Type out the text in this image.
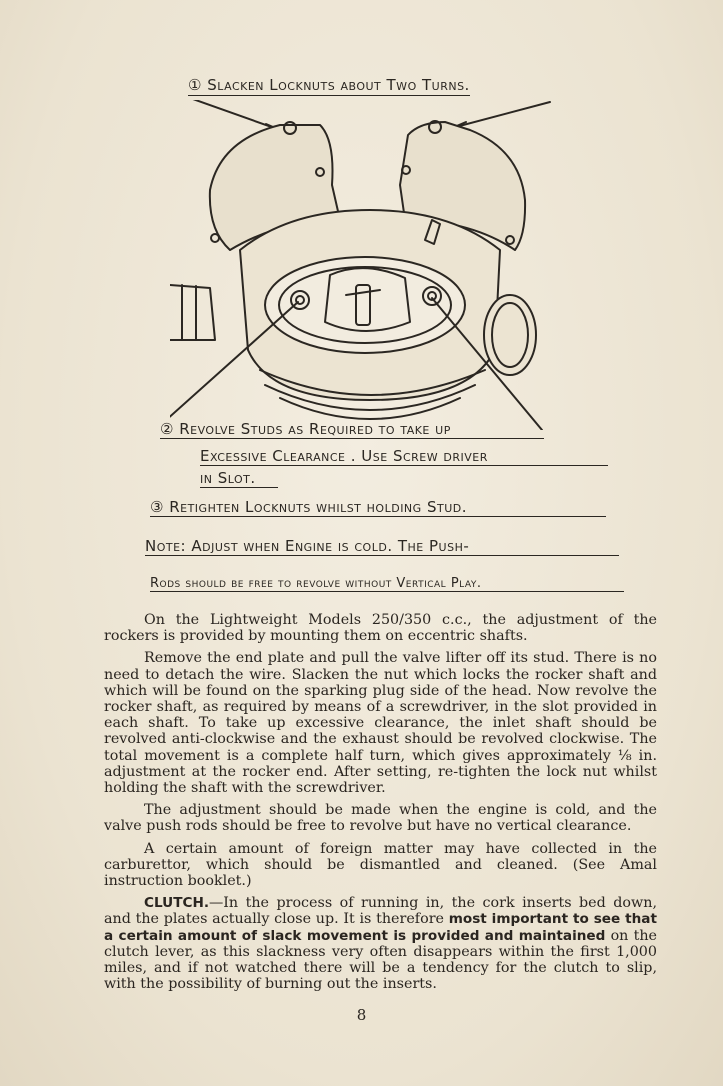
① Slacken Locknuts about Two Turns.
② Revolve Studs as Required to take up
Excessive Clearance . Use Screw driver
in Slot.
③ Retighten Locknuts whilst holding Stud.
Note: Adjust when Engine is cold. The Push-
Rods should be free to revolve without Vertical Play.

On the Lightweight Models 250/350 c.c., the adjustment of the rockers is provided by mounting them on eccentric shafts.

Remove the end plate and pull the valve lifter off its stud. There is no need to detach the wire. Slacken the nut which locks the rocker shaft and which will be found on the sparking plug side of the head. Now revolve the rocker shaft, as required by means of a screwdriver, in the slot provided in each shaft. To take up excessive clearance, the inlet shaft should be revolved anti-clockwise and the exhaust should be revolved clockwise. The total movement is a complete half turn, which gives approximately ⅛ in. adjustment at the rocker end. After setting, re-tighten the lock nut whilst holding the shaft with the screwdriver.

The adjustment should be made when the engine is cold, and the valve push rods should be free to revolve but have no vertical clearance.

A certain amount of foreign matter may have collected in the carburettor, which should be dismantled and cleaned. (See Amal instruction booklet.)

CLUTCH.—In the process of running in, the cork inserts bed down, and the plates actually close up. It is therefore most important to see that a certain amount of slack movement is provided and maintained on the clutch lever, as this slackness very often disappears within the first 1,000 miles, and if not watched there will be a tendency for the clutch to slip, with the possibility of burning out the inserts.

8
